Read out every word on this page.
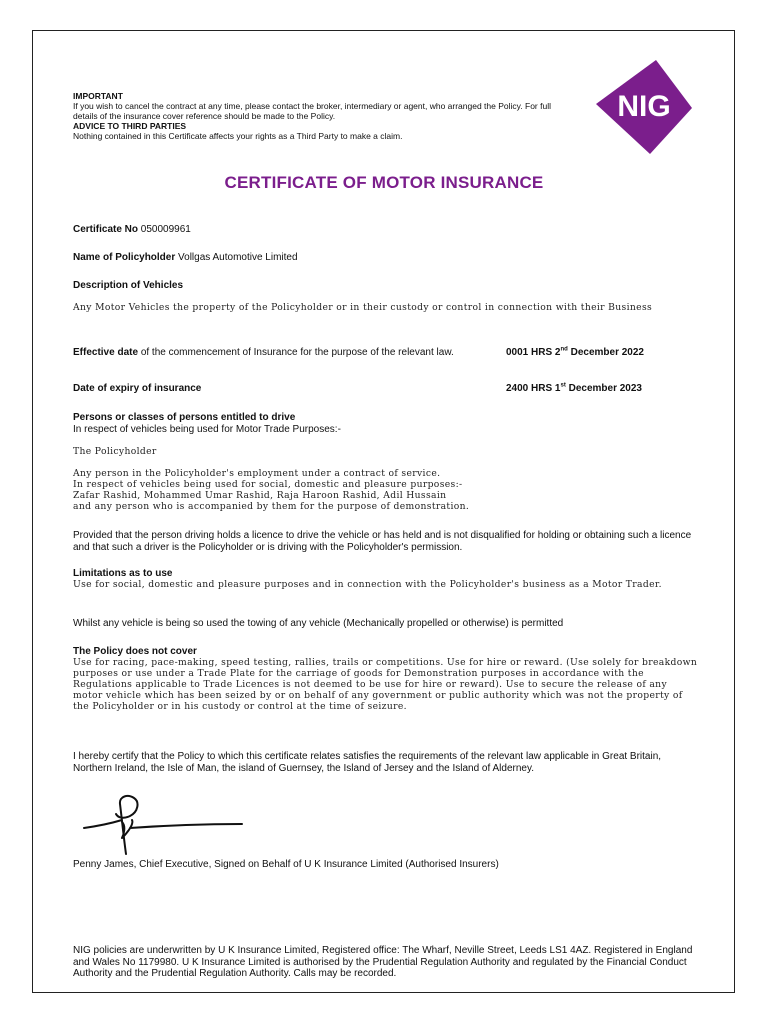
IMPORTANT
If you wish to cancel the contract at any time, please contact the broker, intermediary or agent, who arranged the Policy. For full details of the insurance cover reference should be made to the Policy.
ADVICE TO THIRD PARTIES
Nothing contained in this Certificate affects your rights as a Third Party to make a claim.
NIG
CERTIFICATE OF MOTOR INSURANCE
Certificate No 050009961
Name of Policyholder Vollgas Automotive Limited
Description of Vehicles
Any Motor Vehicles the property of the Policyholder or in their custody or control in connection with their Business
Effective date of the commencement of Insurance for the purpose of the relevant law.	0001 HRS 2nd December 2022
Date of expiry of insurance	2400 HRS 1st December 2023
Persons or classes of persons entitled to drive
In respect of vehicles being used for Motor Trade Purposes:-
The Policyholder
Any person in the Policyholder's employment under a contract of service.
In respect of vehicles being used for social, domestic and pleasure purposes:-
Zafar Rashid, Mohammed Umar Rashid, Raja Haroon Rashid, Adil Hussain
and any person who is accompanied by them for the purpose of demonstration.
Provided that the person driving holds a licence to drive the vehicle or has held and is not disqualified for holding or obtaining such a licence and that such a driver is the Policyholder or is driving with the Policyholder's permission.
Limitations as to use
Use for social, domestic and pleasure purposes and in connection with the Policyholder's business as a Motor Trader.
Whilst any vehicle is being so used the towing of any vehicle (Mechanically propelled or otherwise) is permitted
The Policy does not cover
Use for racing, pace-making, speed testing, rallies, trails or competitions. Use for hire or reward. (Use solely for breakdown purposes or use under a Trade Plate for the carriage of goods for Demonstration purposes in accordance with the Regulations applicable to Trade Licences is not deemed to be use for hire or reward). Use to secure the release of any motor vehicle which has been seized by or on behalf of any government or public authority which was not the property of the Policyholder or in his custody or control at the time of seizure.
I hereby certify that the Policy to which this certificate relates satisfies the requirements of the relevant law applicable in Great Britain, Northern Ireland, the Isle of Man, the island of Guernsey, the Island of Jersey and the Island of Alderney.
Penny James, Chief Executive, Signed on Behalf of U K Insurance Limited (Authorised Insurers)
NIG policies are underwritten by U K Insurance Limited, Registered office: The Wharf, Neville Street, Leeds LS1 4AZ. Registered in England and Wales No 1179980. U K Insurance Limited is authorised by the Prudential Regulation Authority and regulated by the Financial Conduct Authority and the Prudential Regulation Authority. Calls may be recorded.
